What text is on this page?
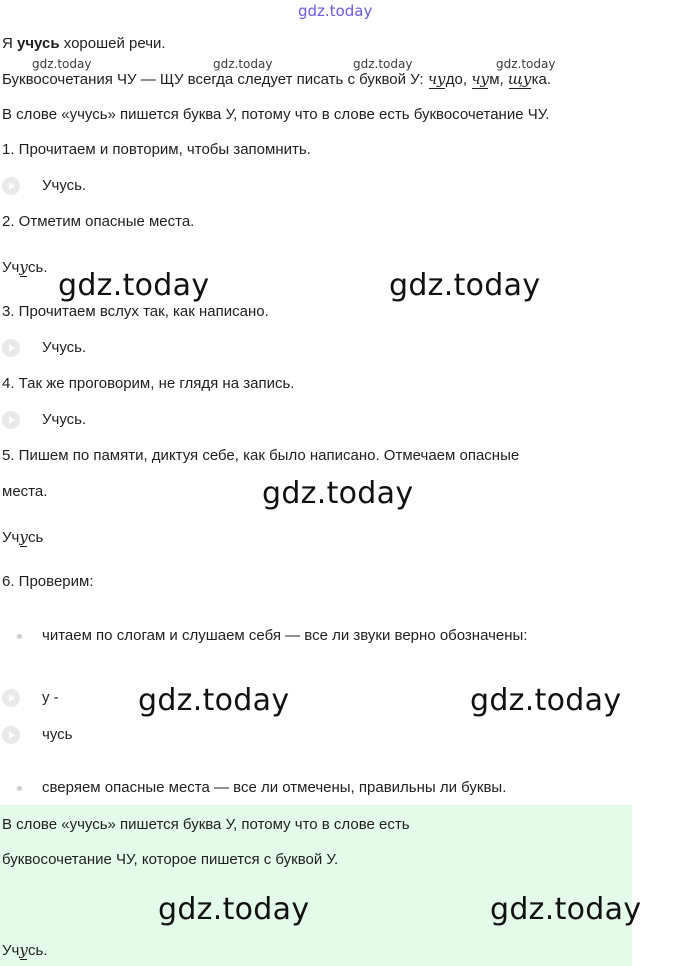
gdz.today
Я учусь хорошей речи.
gdz.today	gdz.today	gdz.today	gdz.today
Буквосочетания ЧУ — ЩУ всегда следует писать с буквой У: чудо, чум, щука.
В слове «учусь» пишется буква У, потому что в слове есть буквосочетание ЧУ.
1. Прочитаем и повторим, чтобы запомнить.
Учусь.
2. Отметим опасные места.
Учусь.
gdz.today	gdz.today
3. Прочитаем вслух так, как написано.
Учусь.
4. Так же проговорим, не глядя на запись.
Учусь.
5. Пишем по памяти, диктуя себе, как было написано. Отмечаем опасные
места.	gdz.today
Учусь
6. Проверим:
читаем по слогам и слушаем себя — все ли звуки верно обозначены:
у -	gdz.today	gdz.today
чусь
сверяем опасные места — все ли отмечены, правильны ли буквы.
В слове «учусь» пишется буква У, потому что в слове есть
буквосочетание ЧУ, которое пишется с буквой У.
gdz.today	gdz.today
Учусь.
